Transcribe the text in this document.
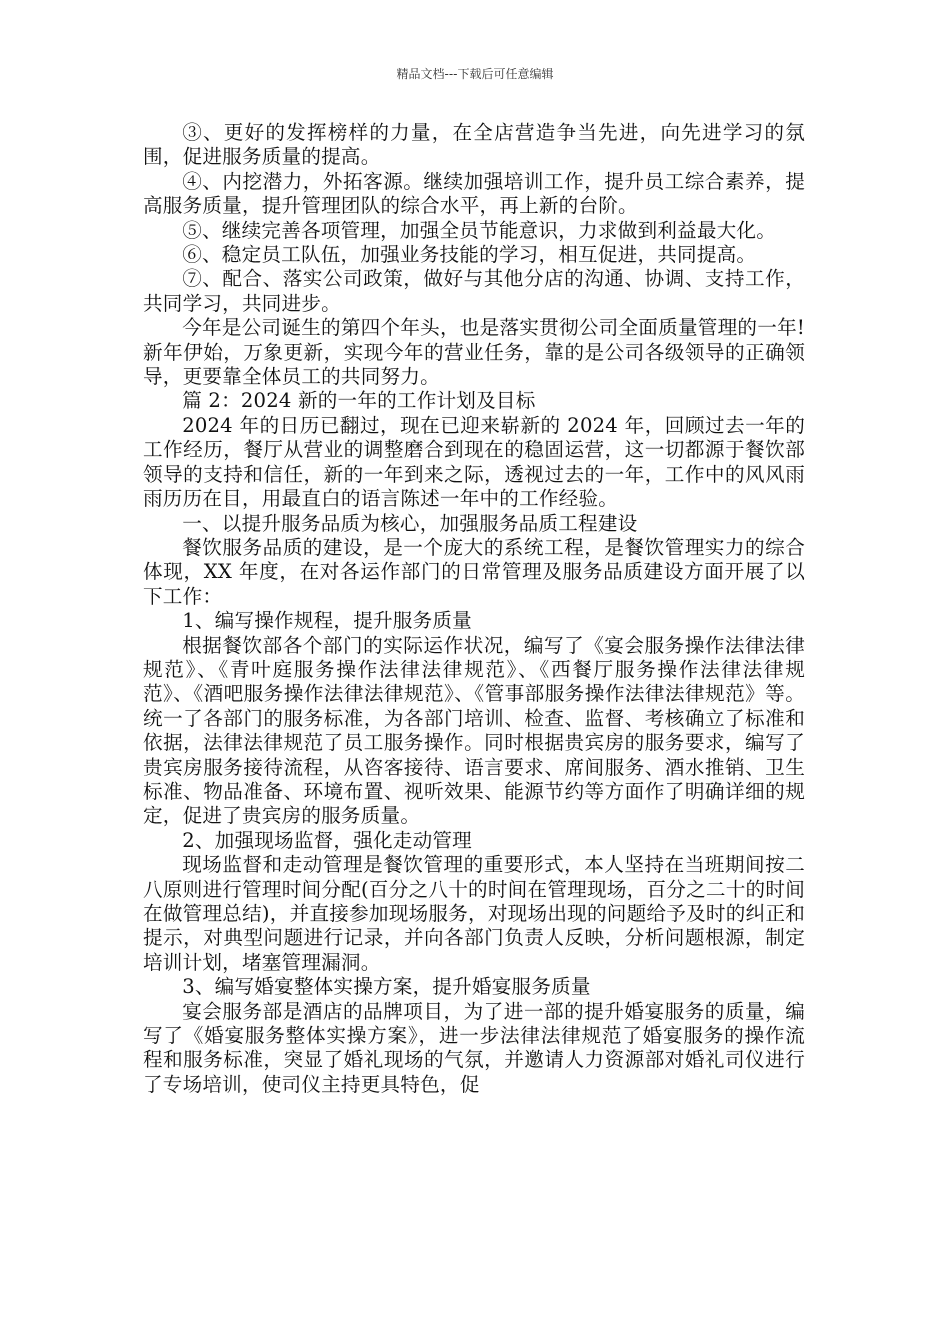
精品文档---下载后可任意编辑

③、更好的发挥榜样的力量，在全店营造争当先进，向先进学习的氛围，促进服务质量的提高。

④、内挖潜力，外拓客源。继续加强培训工作，提升员工综合素养，提高服务质量，提升管理团队的综合水平，再上新的台阶。

⑤、继续完善各项管理，加强全员节能意识，力求做到利益最大化。

⑥、稳定员工队伍，加强业务技能的学习，相互促进，共同提高。

⑦、配合、落实公司政策，做好与其他分店的沟通、协调、支持工作，共同学习，共同进步。

今年是公司诞生的第四个年头，也是落实贯彻公司全面质量管理的一年!新年伊始，万象更新，实现今年的营业任务，靠的是公司各级领导的正确领导，更要靠全体员工的共同努力。

篇 2：2024 新的一年的工作计划及目标

2024 年的日历已翻过，现在已迎来崭新的 2024 年，回顾过去一年的工作经历，餐厅从营业的调整磨合到现在的稳固运营，这一切都源于餐饮部领导的支持和信任，新的一年到来之际，透视过去的一年，工作中的风风雨雨历历在目，用最直白的语言陈述一年中的工作经验。

一、以提升服务品质为核心，加强服务品质工程建设

餐饮服务品质的建设，是一个庞大的系统工程，是餐饮管理实力的综合体现，XX 年度，在对各运作部门的日常管理及服务品质建设方面开展了以下工作：

1、编写操作规程，提升服务质量

根据餐饮部各个部门的实际运作状况，编写了《宴会服务操作法律法律规范》、《青叶庭服务操作法律法律规范》、《西餐厅服务操作法律法律规范》、《酒吧服务操作法律法律规范》、《管事部服务操作法律法律规范》等。统一了各部门的服务标准，为各部门培训、检查、监督、考核确立了标准和依据，法律法律规范了员工服务操作。同时根据贵宾房的服务要求，编写了贵宾房服务接待流程，从咨客接待、语言要求、席间服务、酒水推销、卫生标准、物品准备、环境布置、视听效果、能源节约等方面作了明确详细的规定，促进了贵宾房的服务质量。

2、加强现场监督，强化走动管理

现场监督和走动管理是餐饮管理的重要形式，本人坚持在当班期间按二八原则进行管理时间分配(百分之八十的时间在管理现场，百分之二十的时间在做管理总结)，并直接参加现场服务，对现场出现的问题给予及时的纠正和提示，对典型问题进行记录，并向各部门负责人反映，分析问题根源，制定培训计划，堵塞管理漏洞。

3、编写婚宴整体实操方案，提升婚宴服务质量

宴会服务部是酒店的品牌项目，为了进一部的提升婚宴服务的质量，编写了《婚宴服务整体实操方案》，进一步法律法律规范了婚宴服务的操作流程和服务标准，突显了婚礼现场的气氛，并邀请人力资源部对婚礼司仪进行了专场培训，使司仪主持更具特色，促
